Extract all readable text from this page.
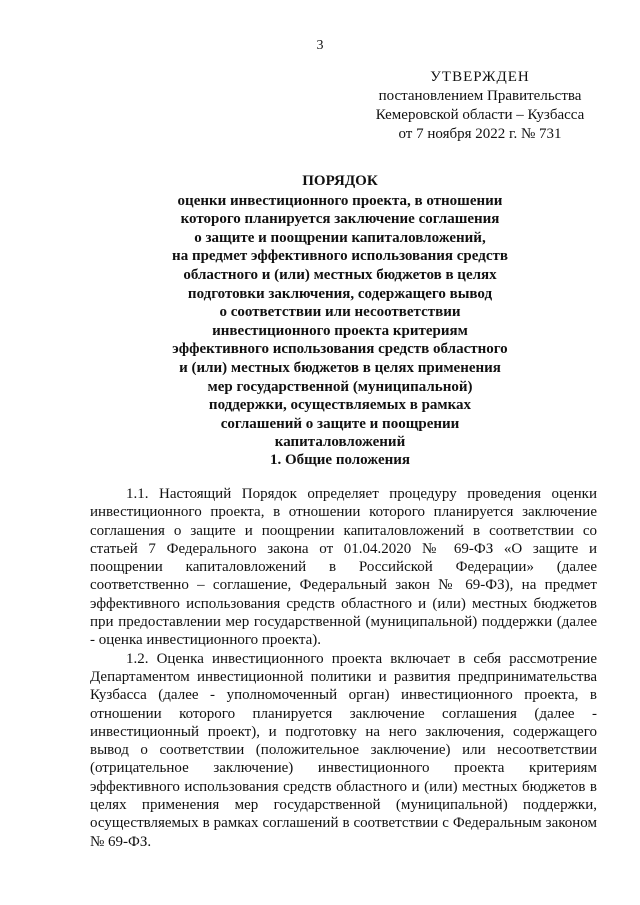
3
УТВЕРЖДЕН
постановлением Правительства
Кемеровской области – Кузбасса
от 7 ноября 2022 г. № 731
ПОРЯДОК
оценки инвестиционного проекта, в отношении
которого планируется заключение соглашения
о защите и поощрении капиталовложений,
на предмет эффективного использования средств
областного и (или) местных бюджетов в целях
подготовки заключения, содержащего вывод
о соответствии или несоответствии
инвестиционного проекта критериям
эффективного использования средств областного
и (или) местных бюджетов в целях применения
мер государственной (муниципальной)
поддержки, осуществляемых в рамках
соглашений о защите и поощрении
капиталовложений
1. Общие положения

1.1. Настоящий Порядок определяет процедуру проведения оценки инвестиционного проекта, в отношении которого планируется заключение соглашения о защите и поощрении капиталовложений в соответствии со статьей 7 Федерального закона от 01.04.2020 № 69-ФЗ «О защите и поощрении капиталовложений в Российской Федерации» (далее соответственно – соглашение, Федеральный закон № 69-ФЗ), на предмет эффективного использования средств областного и (или) местных бюджетов при предоставлении мер государственной (муниципальной) поддержки (далее - оценка инвестиционного проекта).

1.2. Оценка инвестиционного проекта включает в себя рассмотрение Департаментом инвестиционной политики и развития предпринимательства Кузбасса (далее - уполномоченный орган) инвестиционного проекта, в отношении которого планируется заключение соглашения (далее - инвестиционный проект), и подготовку на него заключения, содержащего вывод о соответствии (положительное заключение) или несоответствии (отрицательное заключение) инвестиционного проекта критериям эффективного использования средств областного и (или) местных бюджетов в целях применения мер государственной (муниципальной) поддержки, осуществляемых в рамках соглашений в соответствии с Федеральным законом № 69-ФЗ.
